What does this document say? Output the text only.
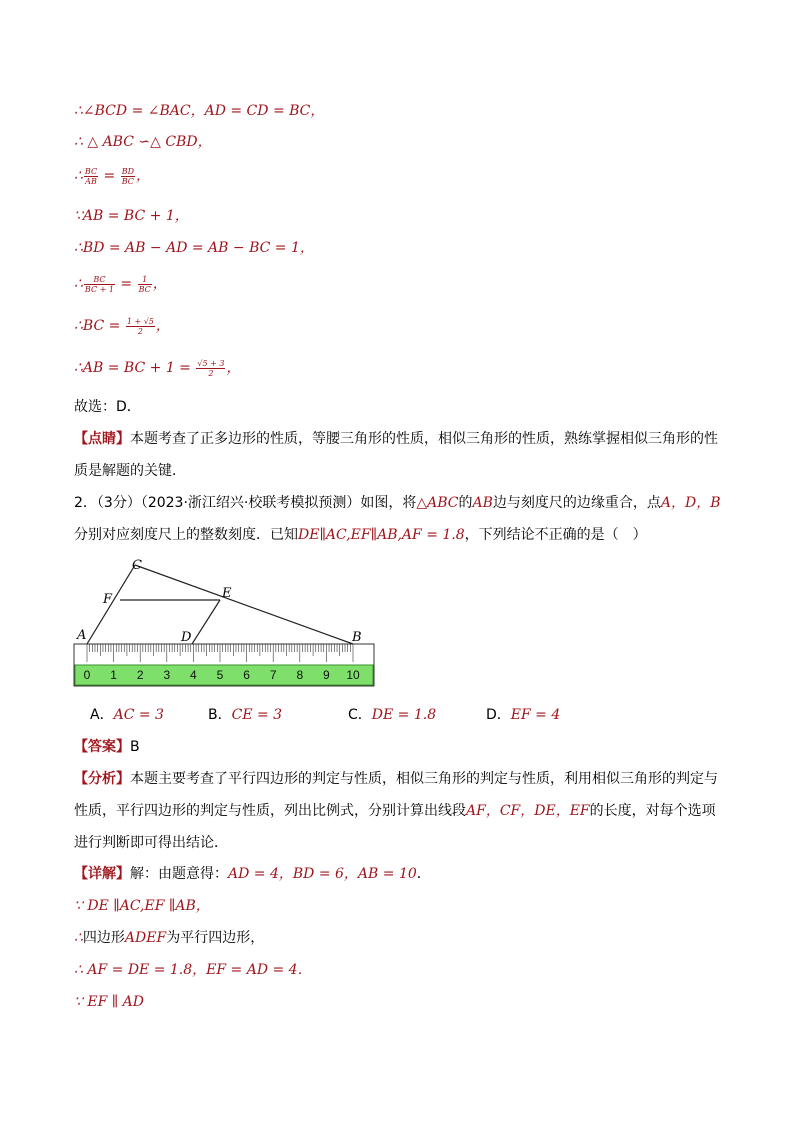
∴∠BCD = ∠BAC，AD = CD = BC，
∴ △ ABC ∽△ CBD，
∴ $\frac{BC}{AB} = \frac{BD}{BC}$ ，
∵AB = BC + 1，
∴BD = AB − AD = AB − BC = 1，
∴ $\frac{BC}{BC + 1} = \frac{1}{BC}$ ，
∴BC = $\frac{1 + √5}{2}$ ，
∴AB = BC + $1 = \frac{√5 + 3}{2}$ ，
故选：D．
【点睛】本题考查了正多边形的性质，等腰三角形的性质，相似三角形的性质，熟练掌握相似三角形的性质是解题的关键．
2．（3分）（2023·浙江绍兴·校联考模拟预测）如图，将△ABC的AB边与刻度尺的边缘重合，点A，D，B分别对应刻度尺上的整数刻度．已知DE∥AC,EF∥AB,AF = 1.8，下列结论不正确的是（　）
0 1 2 3 4 5 6 7 8 9 10
C
F	E
A	D	B
A．AC = 3	B．CE = 3	C．DE = 1.8	D．EF = 4
【答案】B
【分析】本题主要考查了平行四边形的判定与性质，相似三角形的判定与性质，利用相似三角形的判定与性质，平行四边形的判定与性质，列出比例式，分别计算出线段AF，CF，DE，EF的长度，对每个选项进行判断即可得出结论．
【详解】解：由题意得：AD = 4，BD = 6，AB = 10．
∵ DE ∥AC,EF ∥AB，
∴四边形ADEF为平行四边形，
∴ AF = DE = 1.8，EF = AD = 4．
∵ EF ∥ AD
